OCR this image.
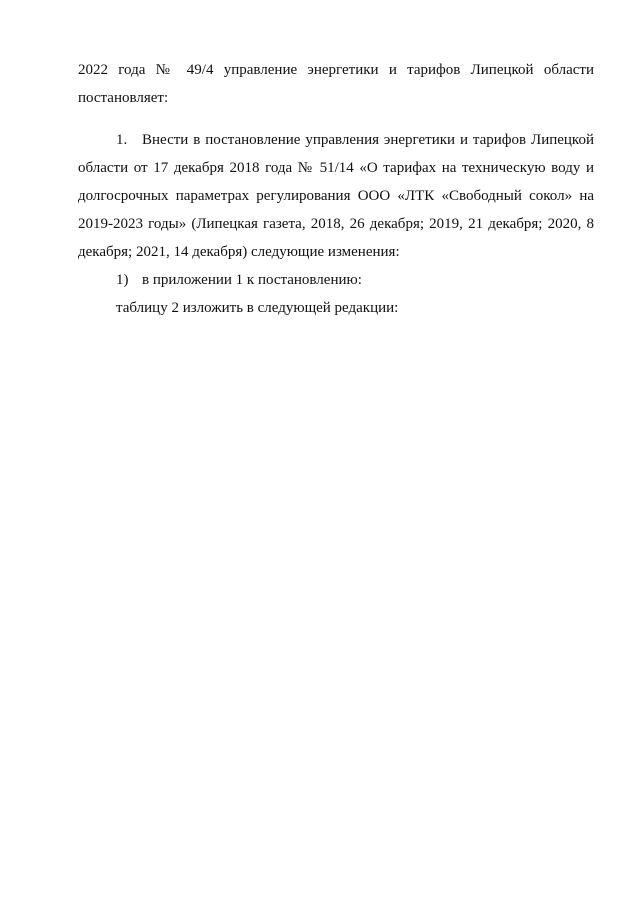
2022 года № 49/4 управление энергетики и тарифов Липецкой области
постановляет:
1. Внести в постановление управления энергетики и тарифов Липецкой
области от 17 декабря 2018 года № 51/14 «О тарифах на техническую воду и
долгосрочных параметрах регулирования ООО «ЛТК «Свободный сокол» на
2019-2023 годы» (Липецкая газета, 2018, 26 декабря; 2019, 21 декабря; 2020, 8
декабря; 2021, 14 декабря) следующие изменения:
1) в приложении 1 к постановлению:
таблицу 2 изложить в следующей редакции:
